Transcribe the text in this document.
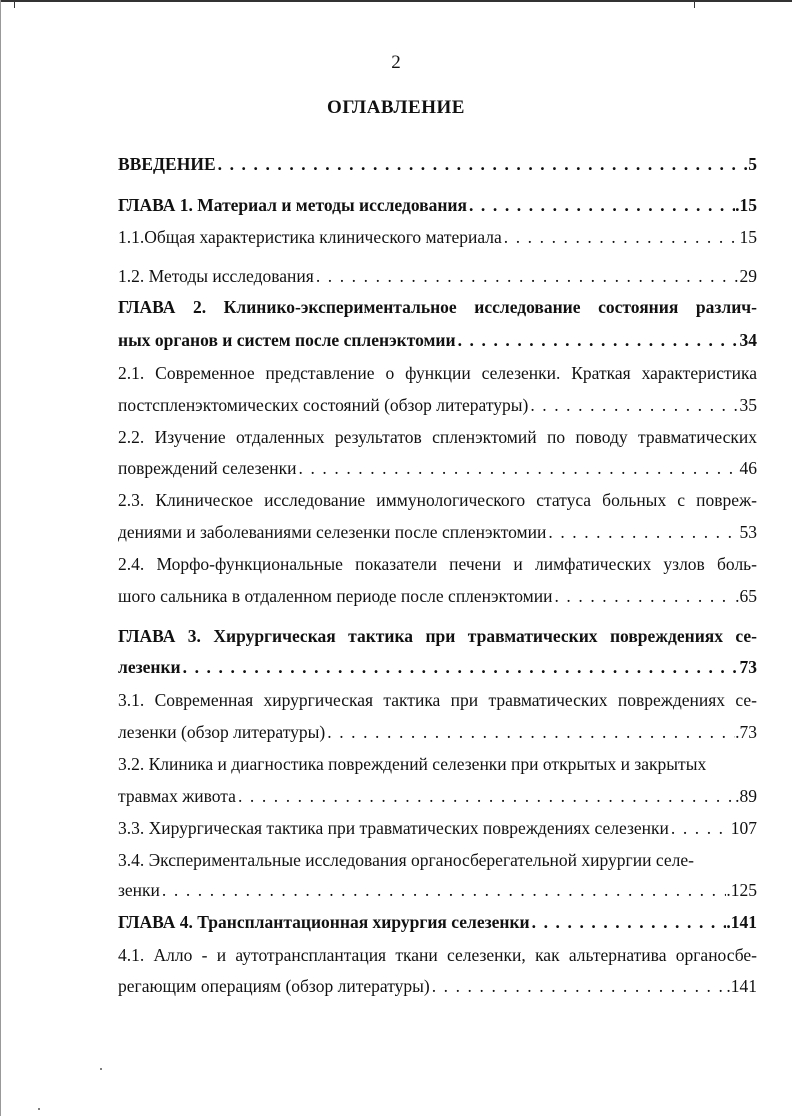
2
ОГЛАВЛЕНИЕ
ВВЕДЕНИЕ . . .	5
ГЛАВА 1. Материал и методы исследования . . .	.15
1.1.Общая характеристика клинического материала . . .	15
1.2. Методы исследования . . .	29
ГЛАВА 2. Клинико-экспериментальное исследование состояния различ-
ных органов и систем после спленэктомии . . .	34
2.1. Современное представление о функции селезенки. Краткая характеристика
постспленэктомических состояний (обзор литературы) . . .	35
2.2. Изучение отдаленных результатов спленэктомий по поводу травматических
повреждений селезенки . . .	46
2.3. Клиническое исследование иммунологического статуса больных с повреж-
дениями и заболеваниями селезенки после спленэктомии . . .	53
2.4. Морфо-функциональные показатели печени и лимфатических узлов боль-
шого сальника в отдаленном периоде после спленэктомии . . .	.65
ГЛАВА 3. Хирургическая тактика при травматических повреждениях се-
лезенки . . .	73
3.1. Современная хирургическая тактика при травматических повреждениях се-
лезенки (обзор литературы) . . .	.73
3.2. Клиника и диагностика повреждений селезенки при открытых и закрытых
травмах живота . . .	.89
3.3. Хирургическая тактика при травматических повреждениях селезенки . . .	107
3.4. Экспериментальные исследования органосберегательной хирургии селе-
зенки . . .	.125
ГЛАВА 4. Трансплантационная хирургия селезенки . . .	.141
4.1. Алло - и аутотрансплантация ткани селезенки, как альтернатива органосбе-
регающим операциям (обзор литературы) . . .	.141
